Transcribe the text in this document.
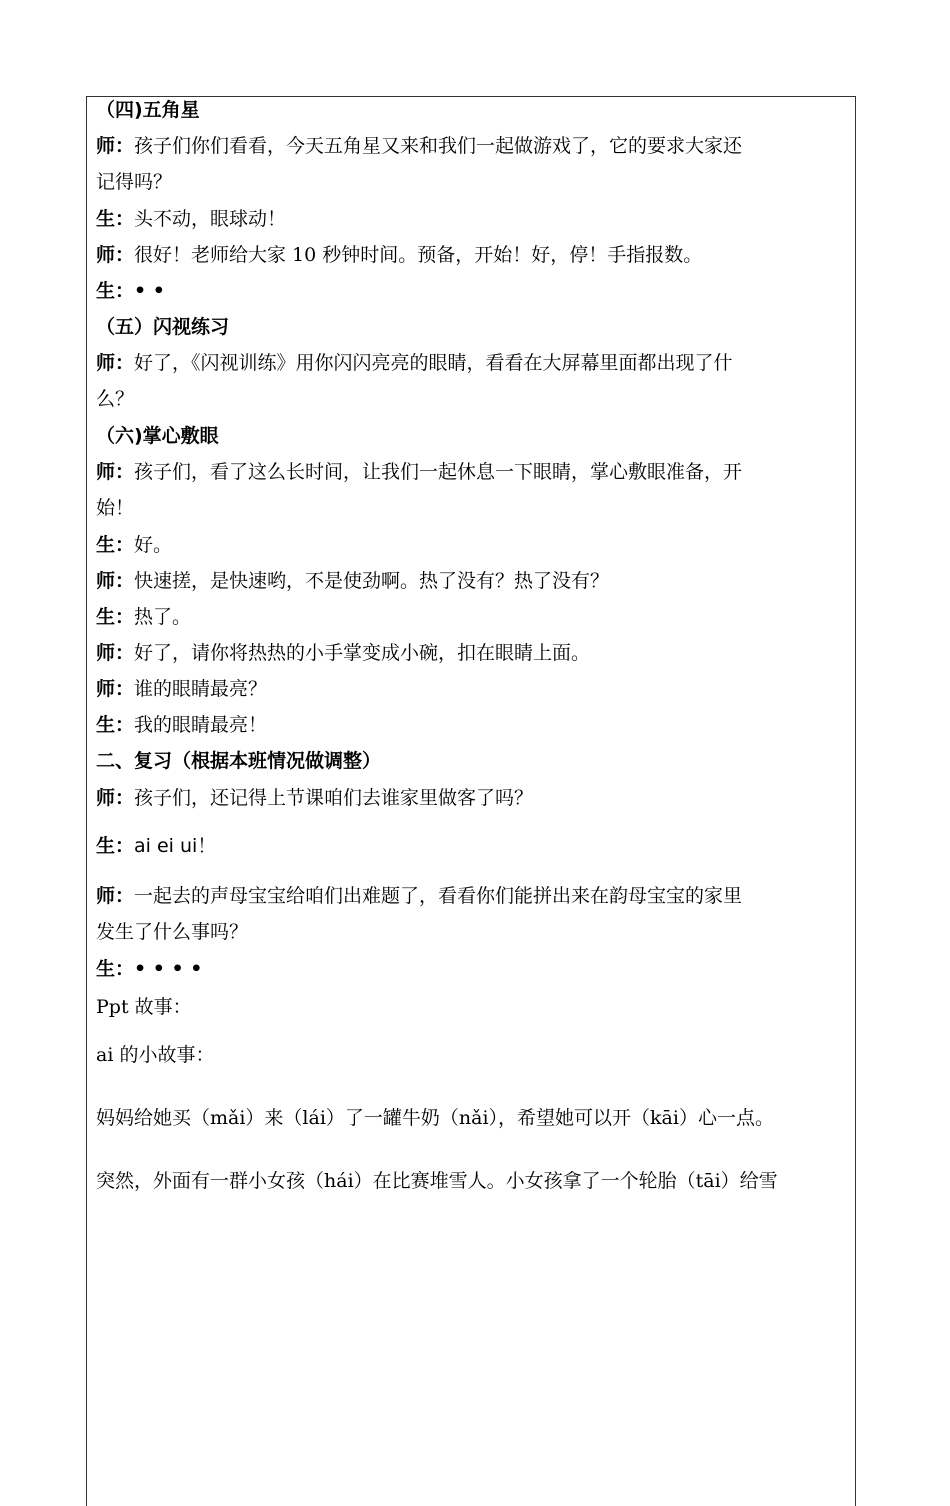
（四)五角星
师：孩子们你们看看，今天五角星又来和我们一起做游戏了，它的要求大家还
记得吗？
生：头不动，眼球动！
师：很好！老师给大家 10 秒钟时间。预备，开始！好，停！手指报数。
生：• •
（五）闪视练习
师：好了，《闪视训练》用你闪闪亮亮的眼睛，看看在大屏幕里面都出现了什
么？
（六)掌心敷眼
师：孩子们，看了这么长时间，让我们一起休息一下眼睛，掌心敷眼准备，开
始！
生：好。
师：快速搓，是快速哟，不是使劲啊。热了没有？热了没有？
生：热了。
师：好了，请你将热热的小手掌变成小碗，扣在眼睛上面。
师：谁的眼睛最亮？
生：我的眼睛最亮！
二、复习（根据本班情况做调整）
师：孩子们，还记得上节课咱们去谁家里做客了吗？
生：ai ei ui！
师：一起去的声母宝宝给咱们出难题了，看看你们能拼出来在韵母宝宝的家里
发生了什么事吗？
生：• • • •
Ppt 故事：
ai 的小故事：
妈妈给她买（mǎi）来（lái）了一罐牛奶（nǎi），希望她可以开（kāi）心一点。
突然，外面有一群小女孩（hái）在比赛堆雪人。小女孩拿了一个轮胎（tāi）给雪
